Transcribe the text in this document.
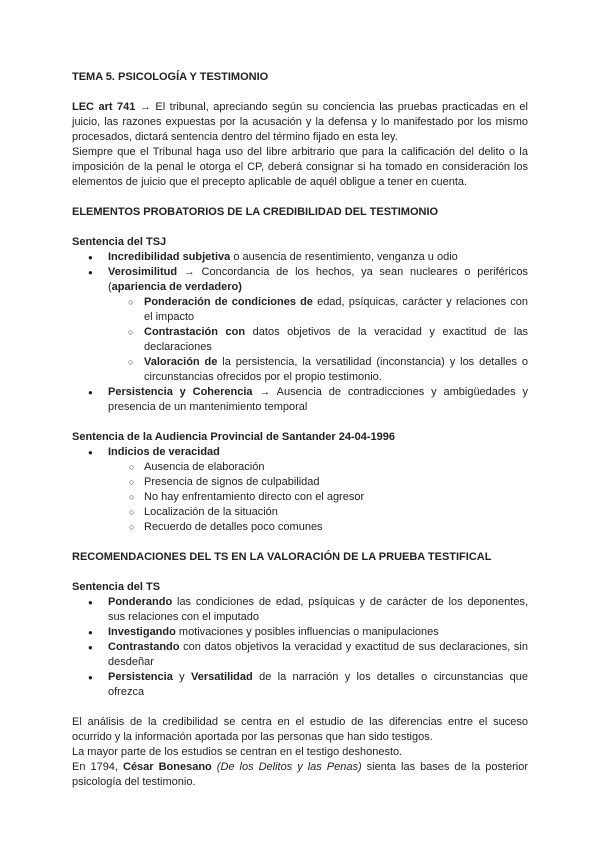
TEMA 5. PSICOLOGÍA Y TESTIMONIO

LEC art 741 → El tribunal, apreciando según su conciencia las pruebas practicadas en el juicio, las razones expuestas por la acusación y la defensa y lo manifestado por los mismo procesados, dictará sentencia dentro del término fijado en esta ley.

Siempre que el Tribunal haga uso del libre arbitrario que para la calificación del delito o la imposición de la penal le otorga el CP, deberá consignar si ha tomado en consideración los elementos de juicio que el precepto aplicable de aquél obligue a tener en cuenta.

ELEMENTOS PROBATORIOS DE LA CREDIBILIDAD DEL TESTIMONIO

Sentencia del TSJ

● Incredibilidad subjetiva o ausencia de resentimiento, venganza u odio
● Verosimilitud → Concordancia de los hechos, ya sean nucleares o periféricos (apariencia de verdadero)
○ Ponderación de condiciones de edad, psíquicas, carácter y relaciones con el impacto
○ Contrastación con datos objetivos de la veracidad y exactitud de las declaraciones
○ Valoración de la persistencia, la versatilidad (inconstancia) y los detalles o circunstancias ofrecidos por el propio testimonio.
● Persistencia y Coherencia → Ausencia de contradicciones y ambigüedades y presencia de un mantenimiento temporal

Sentencia de la Audiencia Provincial de Santander 24-04-1996

● Indicios de veracidad
○ Ausencia de elaboración
○ Presencia de signos de culpabilidad
○ No hay enfrentamiento directo con el agresor
○ Localización de la situación
○ Recuerdo de detalles poco comunes

RECOMENDACIONES DEL TS EN LA VALORACIÓN DE LA PRUEBA TESTIFICAL

Sentencia del TS

● Ponderando las condiciones de edad, psíquicas y de carácter de los deponentes, sus relaciones con el imputado
● Investigando motivaciones y posibles influencias o manipulaciones
● Contrastando con datos objetivos la veracidad y exactitud de sus declaraciones, sin desdeñar
● Persistencia y Versatilidad de la narración y los detalles o circunstancias que ofrezca

El análisis de la credibilidad se centra en el estudio de las diferencias entre el suceso ocurrido y la información aportada por las personas que han sido testigos.

La mayor parte de los estudios se centran en el testigo deshonesto.

En 1794, César Bonesano (De los Delitos y las Penas) sienta las bases de la posterior psicología del testimonio.
